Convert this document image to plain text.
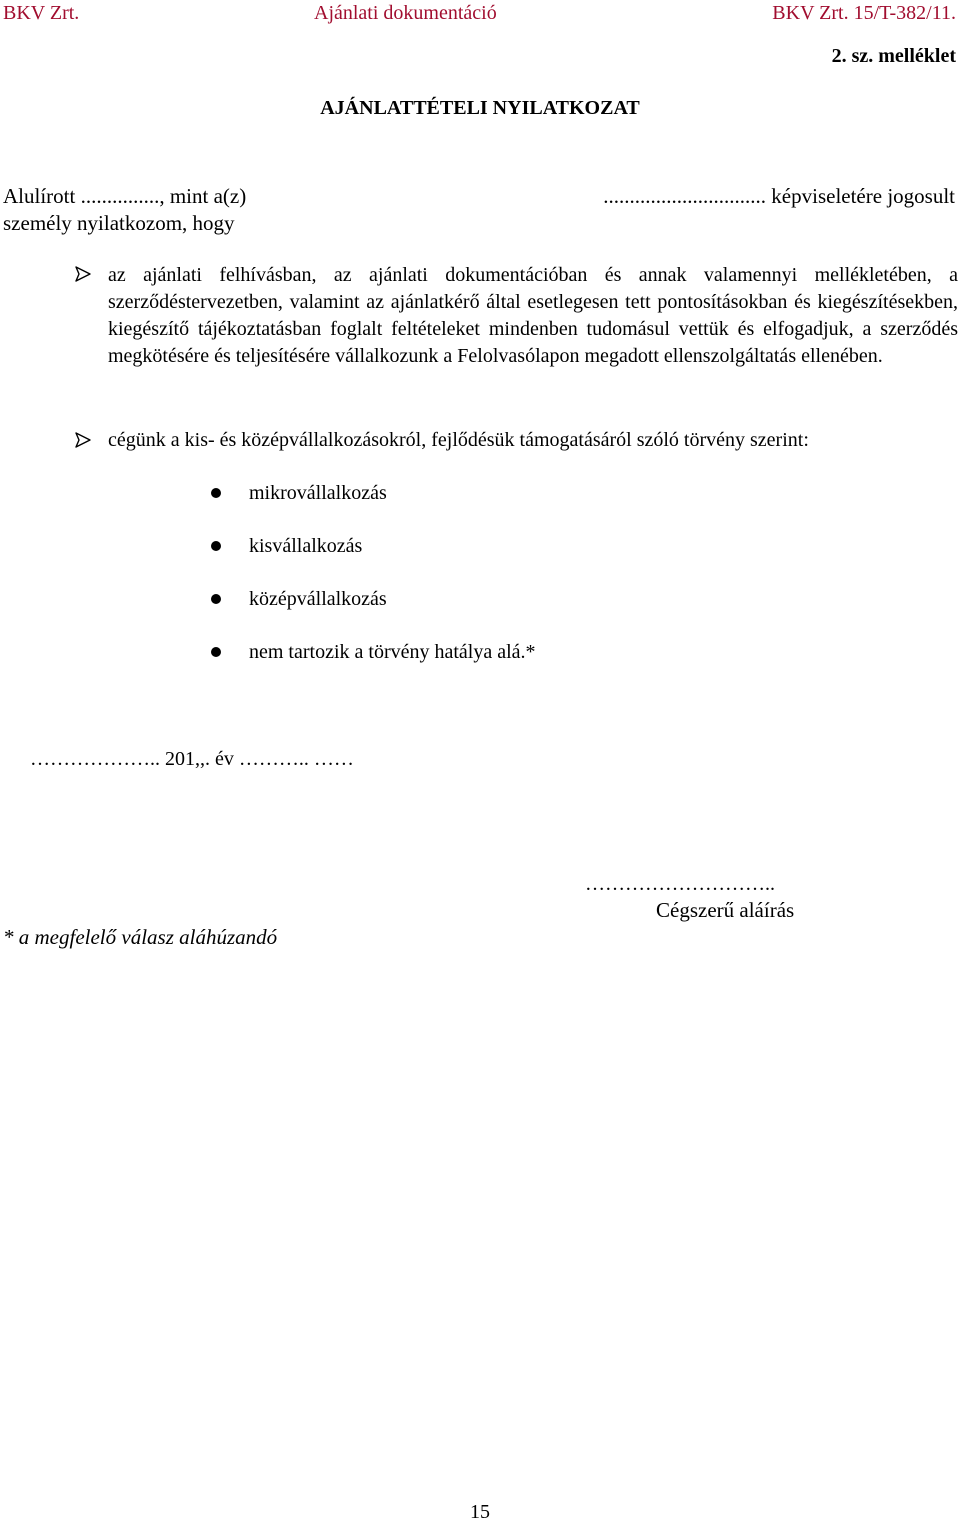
BKV Zrt.	Ajánlati dokumentáció	BKV Zrt. 15/T-382/11.
2. sz. melléklet
AJÁNLATTÉTELI NYILATKOZAT
Alulírott ..............., mint a(z)	............................... képviseletére jogosult
személy nyilatkozom, hogy
az ajánlati felhívásban, az ajánlati dokumentációban és annak valamennyi mellékletében, a szerződéstervezetben, valamint az ajánlatkérő által esetlegesen tett pontosításokban és kiegészítésekben, kiegészítő tájékoztatásban foglalt feltételeket mindenben tudomásul vettük és elfogadjuk, a szerződés megkötésére és teljesítésére vállalkozunk a Felolvasólapon megadott ellenszolgáltatás ellenében.
cégünk a kis- és középvállalkozásokról, fejlődésük támogatásáról szóló törvény szerint:
mikrovállalkozás
kisvállalkozás
középvállalkozás
nem tartozik a törvény hatálya alá.*
……………….. 201,,. év ……….. ……
………………………..
Cégszerű aláírás
* a megfelelő válasz aláhúzandó
15
